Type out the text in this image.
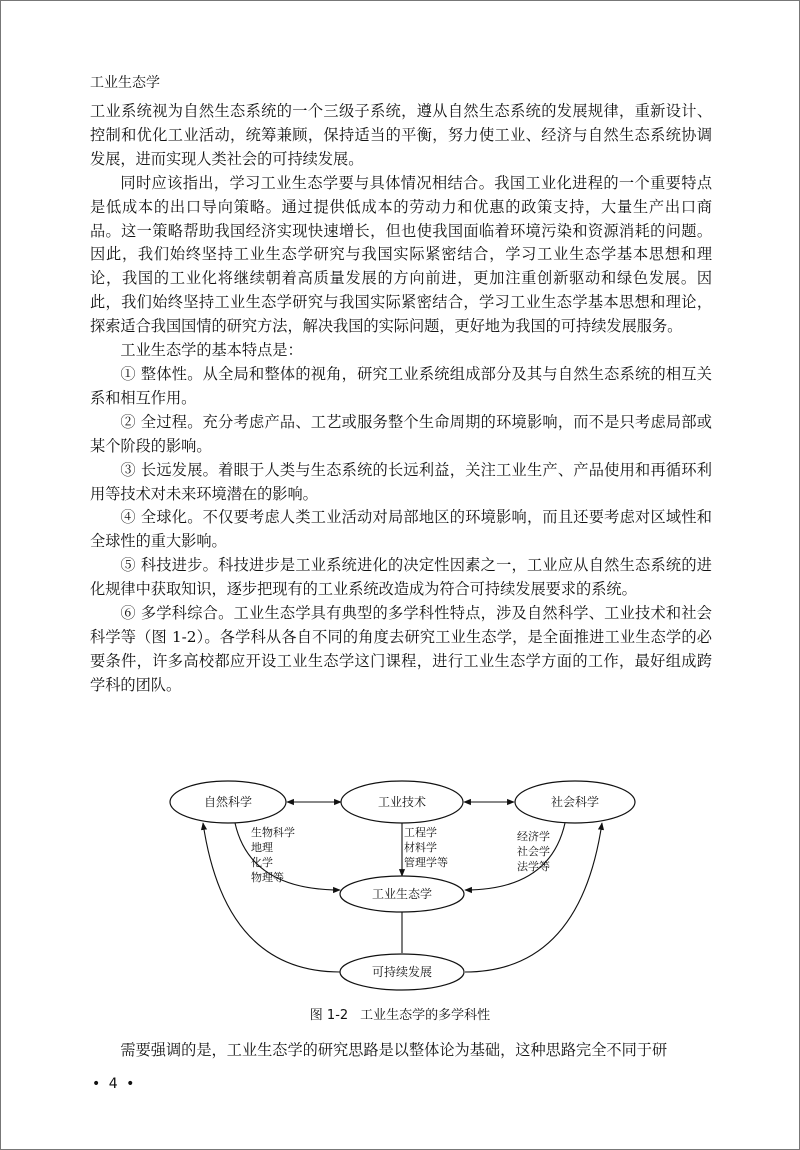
工业生态学

工业系统视为自然生态系统的一个三级子系统，遵从自然生态系统的发展规律，重新设计、控制和优化工业活动，统筹兼顾，保持适当的平衡，努力使工业、经济与自然生态系统协调发展，进而实现人类社会的可持续发展。

同时应该指出，学习工业生态学要与具体情况相结合。我国工业化进程的一个重要特点是低成本的出口导向策略。通过提供低成本的劳动力和优惠的政策支持，大量生产出口商品。这一策略帮助我国经济实现快速增长，但也使我国面临着环境污染和资源消耗的问题。因此，我们始终坚持工业生态学研究与我国实际紧密结合，学习工业生态学基本思想和理论，我国的工业化将继续朝着高质量发展的方向前进，更加注重创新驱动和绿色发展。因此，我们始终坚持工业生态学研究与我国实际紧密结合，学习工业生态学基本思想和理论，探索适合我国国情的研究方法，解决我国的实际问题，更好地为我国的可持续发展服务。

工业生态学的基本特点是：

① 整体性。从全局和整体的视角，研究工业系统组成部分及其与自然生态系统的相互关系和相互作用。

② 全过程。充分考虑产品、工艺或服务整个生命周期的环境影响，而不是只考虑局部或某个阶段的影响。

③ 长远发展。着眼于人类与生态系统的长远利益，关注工业生产、产品使用和再循环利用等技术对未来环境潜在的影响。

④ 全球化。不仅要考虑人类工业活动对局部地区的环境影响，而且还要考虑对区域性和全球性的重大影响。

⑤ 科技进步。科技进步是工业系统进化的决定性因素之一，工业应从自然生态系统的进化规律中获取知识，逐步把现有的工业系统改造成为符合可持续发展要求的系统。

⑥ 多学科综合。工业生态学具有典型的多学科性特点，涉及自然科学、工业技术和社会科学等（图 1-2）。各学科从各自不同的角度去研究工业生态学，是全面推进工业生态学的必要条件，许多高校都应开设工业生态学这门课程，进行工业生态学方面的工作，最好组成跨学科的团队。

自然科学	工业技术	社会科学
工业生态学
可持续发展
生物科学
地理
化学
物理等
工程学
材料学
管理学等
经济学
社会学
法学等
图 1-2 工业生态学的多学科性

需要强调的是，工业生态学的研究思路是以整体论为基础，这种思路完全不同于研

• 4 •
